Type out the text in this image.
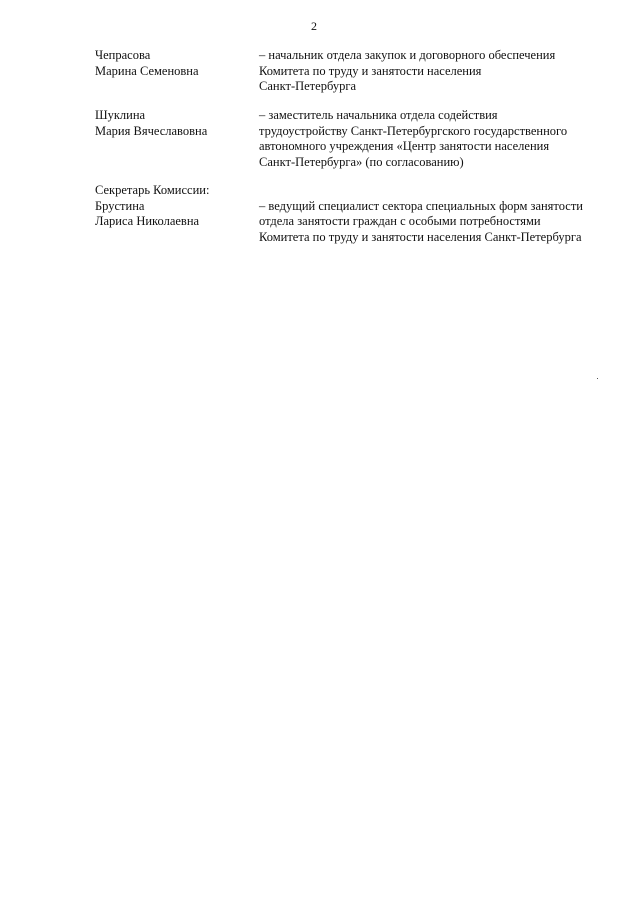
2
Чепрасова
Марина Семеновна
– начальник отдела закупок и договорного обеспечения
Комитета по труду и занятости населения
Санкт-Петербурга
Шуклина
Мария Вячеславовна
– заместитель начальника отдела содействия
трудоустройству Санкт-Петербургского государственного
автономного учреждения «Центр занятости населения
Санкт-Петербурга» (по согласованию)
Секретарь Комиссии:
Брустина
Лариса Николаевна
– ведущий специалист сектора специальных форм занятости
отдела занятости граждан с особыми потребностями
Комитета по труду и занятости населения Санкт-Петербурга
